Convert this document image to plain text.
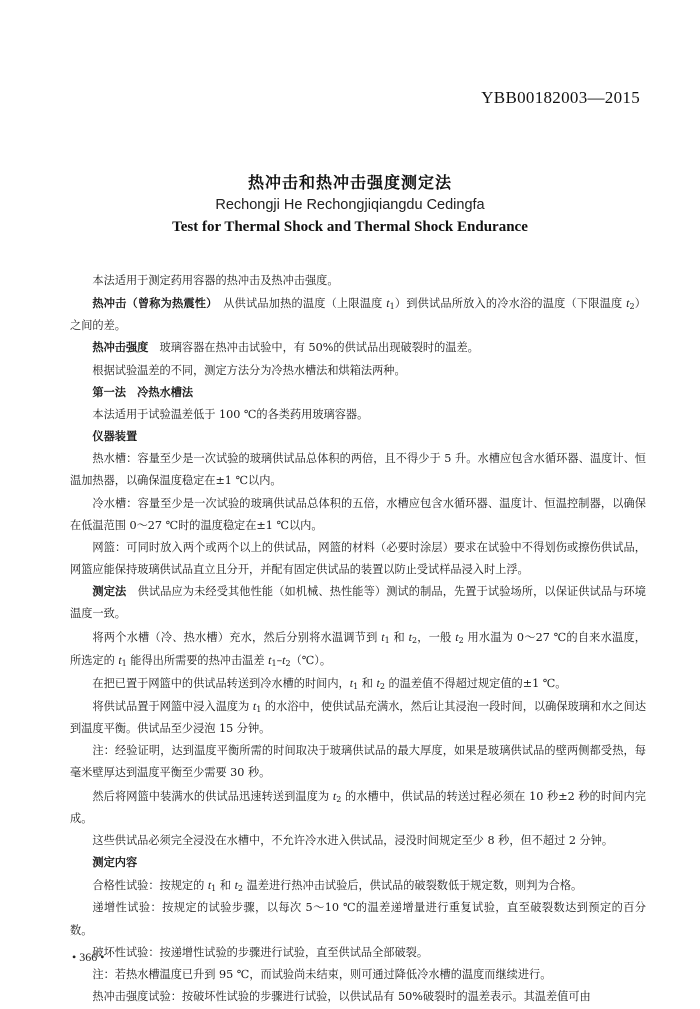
YBB00182003—2015
热冲击和热冲击强度测定法
Rechongji He Rechongjiqiangdu Cedingfa
Test for Thermal Shock and Thermal Shock Endurance

本法适用于测定药用容器的热冲击及热冲击强度。

热冲击（曾称为热震性）　 从供试品加热的温度（上限温度 $t_1$）到供试品所放入的冷水浴的温度（下限温度 $t_2$）之间的差。

热冲击强度　 玻璃容器在热冲击试验中，有 50%的供试品出现破裂时的温差。

根据试验温差的不同，测定方法分为冷热水槽法和烘箱法两种。

第一法　冷热水槽法

本法适用于试验温差低于 100 ℃的各类药用玻璃容器。

仪器装置

热水槽：容量至少是一次试验的玻璃供试品总体积的两倍，且不得少于 5 升。水槽应包含水循环器、温度计、恒温加热器，以确保温度稳定在±1 ℃以内。

冷水槽：容量至少是一次试验的玻璃供试品总体积的五倍，水槽应包含水循环器、温度计、恒温控制器，以确保在低温范围 0～27 ℃时的温度稳定在±1 ℃以内。

网篮：可同时放入两个或两个以上的供试品，网篮的材料（必要时涂层）要求在试验中不得划伤或擦伤供试品，网篮应能保持玻璃供试品直立且分开，并配有固定供试品的装置以防止受试样品浸入时上浮。

测定法　 供试品应为未经受其他性能（如机械、热性能等）测试的制品，先置于试验场所，以保证供试品与环境温度一致。

将两个水槽（冷、热水槽）充水，然后分别将水温调节到 $t_1$ 和 $t_2$，一般 $t_2$ 用水温为 0～27 ℃的自来水温度，所选定的 $t_1$ 能得出所需要的热冲击温差 $t_1-t_2(℃)$。

在把已置于网篮中的供试品转送到冷水槽的时间内，$t_1$ 和 $t_2$ 的温差值不得超过规定值的±1 ℃。

将供试品置于网篮中浸入温度为 $t_1$ 的水浴中，使供试品充满水，然后让其浸泡一段时间，以确保玻璃和水之间达到温度平衡。供试品至少浸泡 15 分钟。

注：经验证明，达到温度平衡所需的时间取决于玻璃供试品的最大厚度，如果是玻璃供试品的壁两侧都受热，每毫米壁厚达到温度平衡至少需要 30 秒。

然后将网篮中装满水的供试品迅速转送到温度为 $t_2$ 的水槽中，供试品的转送过程必须在 10 秒±2 秒的时间内完成。

这些供试品必须完全浸没在水槽中，不允许冷水进入供试品，浸没时间规定至少 8 秒，但不超过 2 分钟。

测定内容

合格性试验：按规定的 $t_1$ 和 $t_2$ 温差进行热冲击试验后，供试品的破裂数低于规定数，则判为合格。

递增性试验：按规定的试验步骤，以每次 5～10 ℃的温差递增量进行重复试验，直至破裂数达到预定的百分数。

破坏性试验：按递增性试验的步骤进行试验，直至供试品全部破裂。

注：若热水槽温度已升到 95 ℃，而试验尚未结束，则可通过降低冷水槽的温度而继续进行。

热冲击强度试验：按破坏性试验的步骤进行试验，以供试品有 50%破裂时的温差表示。其温差值可由

• 366 •
